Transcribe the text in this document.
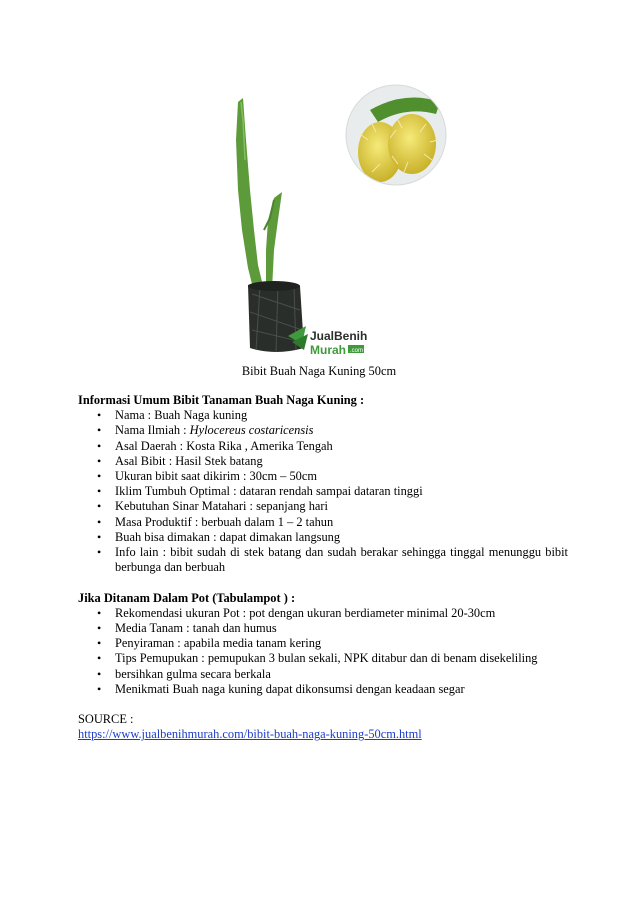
JualBenih
Murah .com
Bibit Buah Naga Kuning 50cm

Informasi Umum Bibit Tanaman Buah Naga Kuning :

• Nama : Buah Naga kuning
• Nama Ilmiah : Hylocereus costaricensis
• Asal Daerah : Kosta Rika , Amerika Tengah
• Asal Bibit : Hasil Stek batang
• Ukuran bibit saat dikirim : 30cm – 50cm
• Iklim Tumbuh Optimal : dataran rendah sampai dataran tinggi
• Kebutuhan Sinar Matahari : sepanjang hari
• Masa Produktif : berbuah dalam 1 – 2 tahun
• Buah bisa dimakan : dapat dimakan langsung
• Info lain : bibit sudah di stek batang dan sudah berakar sehingga tinggal menunggu bibit berbunga dan berbuah

Jika Ditanam Dalam Pot (Tabulampot ) :

• Rekomendasi ukuran Pot : pot dengan ukuran berdiameter minimal 20-30cm
• Media Tanam : tanah dan humus
• Penyiraman : apabila media tanam kering
• Tips Pemupukan : pemupukan 3 bulan sekali, NPK ditabur dan di benam disekeliling
• bersihkan gulma secara berkala
• Menikmati Buah naga kuning dapat dikonsumsi dengan keadaan segar
SOURCE :
https://www.jualbenihmurah.com/bibit-buah-naga-kuning-50cm.html
